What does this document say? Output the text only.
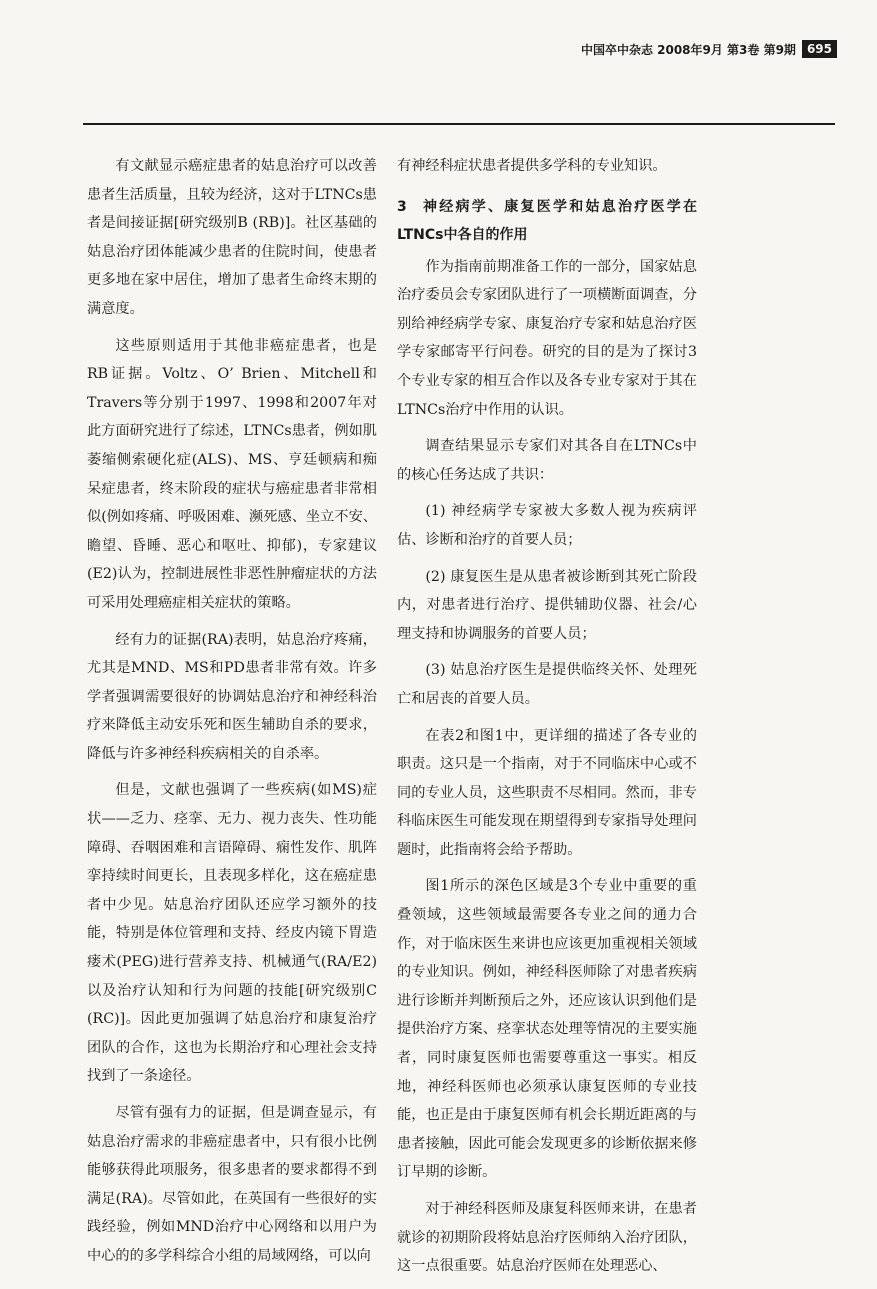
中国卒中杂志 2008年9月 第3卷 第9期 695

有文献显示癌症患者的姑息治疗可以改善患者生活质量，且较为经济，这对于LTNCs患者是间接证据[研究级别B (RB)]。社区基础的姑息治疗团体能减少患者的住院时间，使患者更多地在家中居住，增加了患者生命终末期的满意度。

这些原则适用于其他非癌症患者，也是RB证据。Voltz、O’ Brien、Mitchell和Travers等分别于1997、1998和2007年对此方面研究进行了综述，LTNCs患者，例如肌萎缩侧索硬化症(ALS)、MS、亨廷顿病和痴呆症患者，终末阶段的症状与癌症患者非常相似(例如疼痛、呼吸困难、濒死感、坐立不安、瞻望、昏睡、恶心和呕吐、抑郁)，专家建议(E2)认为，控制进展性非恶性肿瘤症状的方法可采用处理癌症相关症状的策略。

经有力的证据(RA)表明，姑息治疗疼痛，尤其是MND、MS和PD患者非常有效。许多学者强调需要很好的协调姑息治疗和神经科治疗来降低主动安乐死和医生辅助自杀的要求，降低与许多神经科疾病相关的自杀率。

但是，文献也强调了一些疾病(如MS)症状——乏力、痉挛、无力、视力丧失、性功能障碍、吞咽困难和言语障碍、痫性发作、肌阵挛持续时间更长，且表现多样化，这在癌症患者中少见。姑息治疗团队还应学习额外的技能，特别是体位管理和支持、经皮内镜下胃造瘘术(PEG)进行营养支持、机械通气(RA/E2)以及治疗认知和行为问题的技能[研究级别C (RC)]。因此更加强调了姑息治疗和康复治疗团队的合作，这也为长期治疗和心理社会支持找到了一条途径。

尽管有强有力的证据，但是调查显示，有姑息治疗需求的非癌症患者中，只有很小比例能够获得此项服务，很多患者的要求都得不到满足(RA)。尽管如此，在英国有一些很好的实践经验，例如MND治疗中心网络和以用户为中心的的多学科综合小组的局域网络，可以向

有神经科症状患者提供多学科的专业知识。

3 神经病学、康复医学和姑息治疗医学在LTNCs中各自的作用

作为指南前期准备工作的一部分，国家姑息治疗委员会专家团队进行了一项横断面调查，分别给神经病学专家、康复治疗专家和姑息治疗医学专家邮寄平行问卷。研究的目的是为了探讨3个专业专家的相互合作以及各专业专家对于其在LTNCs治疗中作用的认识。

调查结果显示专家们对其各自在LTNCs中的核心任务达成了共识：

(1) 神经病学专家被大多数人视为疾病评估、诊断和治疗的首要人员；

(2) 康复医生是从患者被诊断到其死亡阶段内，对患者进行治疗、提供辅助仪器、社会/心理支持和协调服务的首要人员；

(3) 姑息治疗医生是提供临终关怀、处理死亡和居丧的首要人员。

在表2和图1中，更详细的描述了各专业的职责。这只是一个指南，对于不同临床中心或不同的专业人员，这些职责不尽相同。然而，非专科临床医生可能发现在期望得到专家指导处理问题时，此指南将会给予帮助。

图1所示的深色区域是3个专业中重要的重叠领域，这些领域最需要各专业之间的通力合作，对于临床医生来讲也应该更加重视相关领域的专业知识。例如，神经科医师除了对患者疾病进行诊断并判断预后之外，还应该认识到他们是提供治疗方案、痉挛状态处理等情况的主要实施者，同时康复医师也需要尊重这一事实。相反地，神经科医师也必须承认康复医师的专业技能，也正是由于康复医师有机会长期近距离的与患者接触，因此可能会发现更多的诊断依据来修订早期的诊断。

对于神经科医师及康复科医师来讲，在患者就诊的初期阶段将姑息治疗医师纳入治疗团队，这一点很重要。姑息治疗医师在处理恶心、
